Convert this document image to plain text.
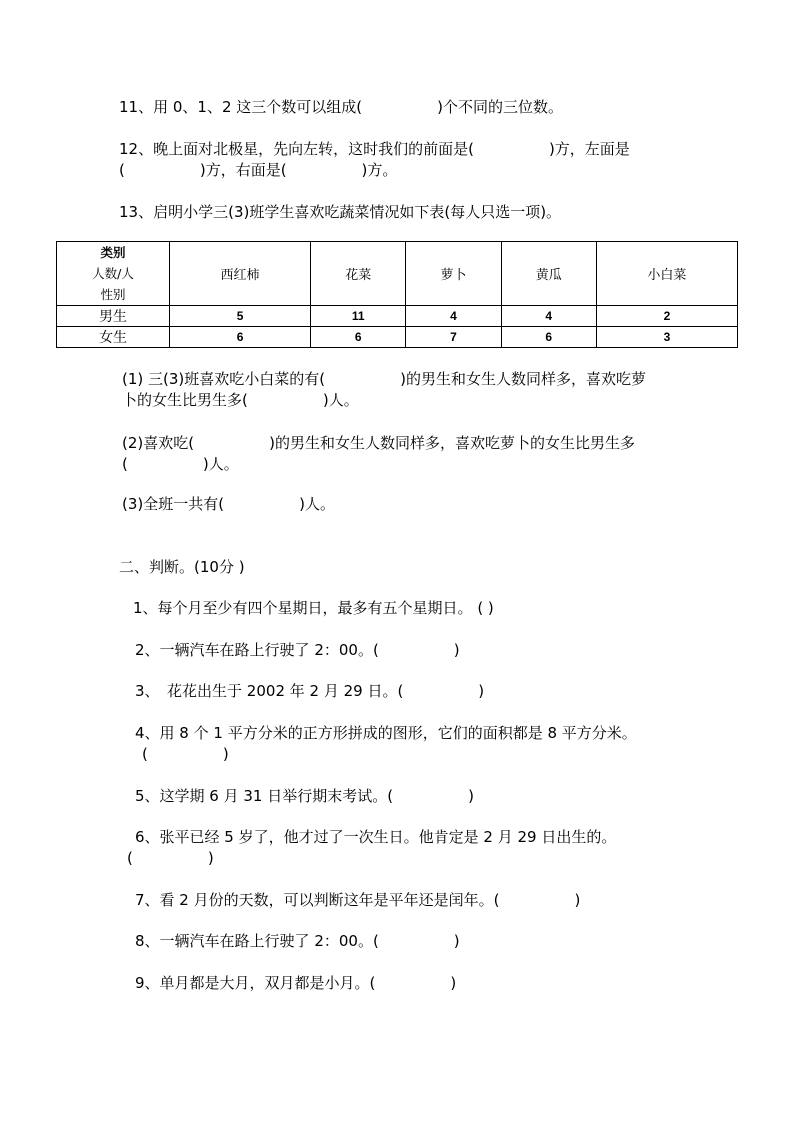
11、用 0、1、2 这三个数可以组成(　　　　　)个不同的三位数。
12、晚上面对北极星，先向左转，这时我们的前面是(　　　　　)方，左面是
(　　　　　)方，右面是(　　　　　)方。
13、启明小学三(3)班学生喜欢吃蔬菜情况如下表(每人只选一项)。
类别
人数/人
性别	西红柿	花菜	萝卜	黄瓜	小白菜
男生	5	11	4	4	2
女生	6	6	7	6	3
(1) 三(3)班喜欢吃小白菜的有(　　　　　)的男生和女生人数同样多，喜欢吃萝
卜的女生比男生多(　　　　　)人。
(2)喜欢吃(　　　　　)的男生和女生人数同样多，喜欢吃萝卜的女生比男生多
(　　　　　)人。
(3)全班一共有(　　　　　)人。
二、判断。(10分 )
1、每个月至少有四个星期日，最多有五个星期日。 ( )
2、一辆汽车在路上行驶了 2：00。(　　　　　)
3、　花花出生于 2002 年 2 月 29 日。(　　　　　)
4、用 8 个 1 平方分米的正方形拼成的图形，它们的面积都是 8 平方分米。
(　　　　　)
5、这学期 6 月 31 日举行期末考试。(　　　　　)
6、张平已经 5 岁了，他才过了一次生日。他肯定是 2 月 29 日出生的。
(　　　　　)
7、看 2 月份的天数，可以判断这年是平年还是闰年。(　　　　　)
8、一辆汽车在路上行驶了 2：00。(　　　　　)
9、单月都是大月，双月都是小月。(　　　　　)
